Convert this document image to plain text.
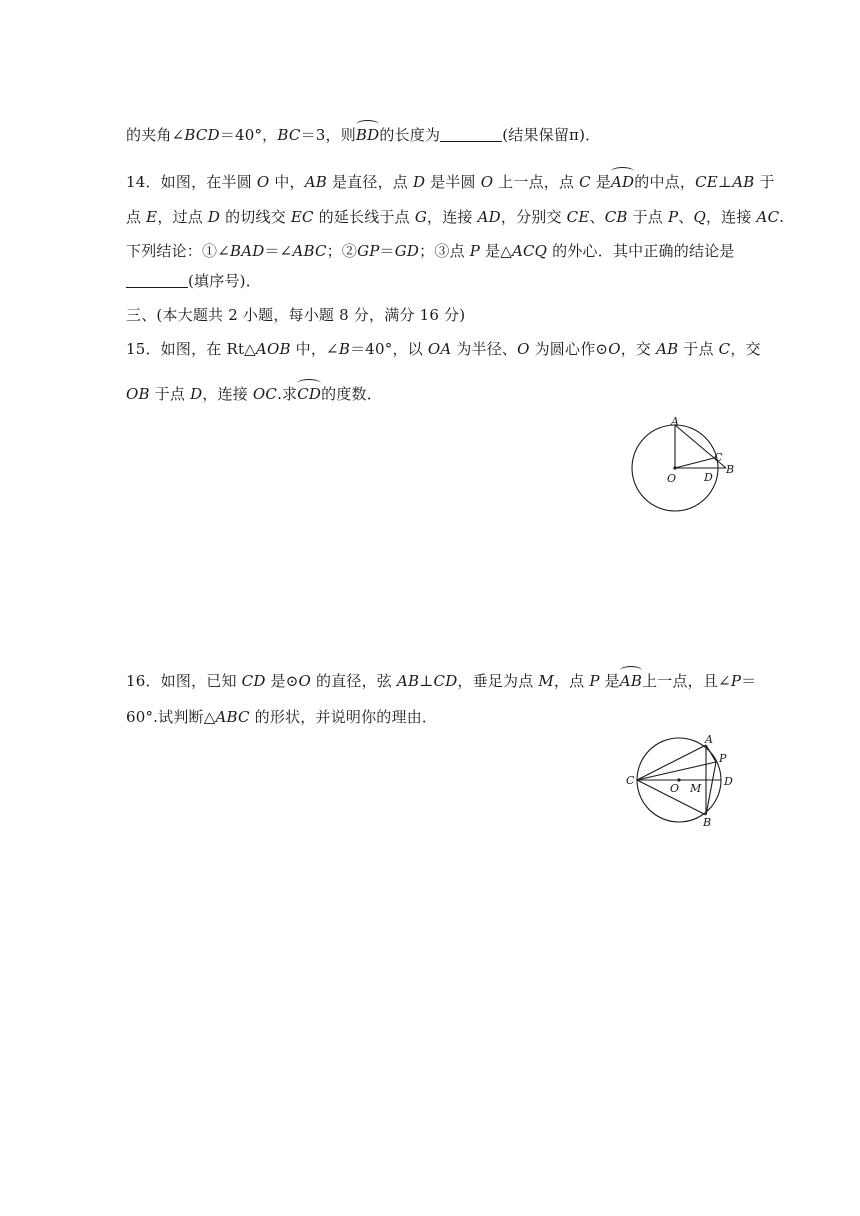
的夹角∠BCD＝40°，BC＝3，则BD的长度为	(结果保留π)．
14．如图，在半圆 O 中，AB 是直径，点 D 是半圆 O 上一点，点 C 是AD的中点，CE⊥AB 于
点 E，过点 D 的切线交 EC 的延长线于点 G，连接 AD，分别交 CE、CB 于点 P、Q，连接 AC.
下列结论：①∠BAD＝∠ABC；②GP＝GD；③点 P 是△ACQ 的外心．其中正确的结论是
(填序号)．
三、(本大题共 2 小题，每小题 8 分，满分 16 分)
15．如图，在 Rt△AOB 中，∠B＝40°，以 OA 为半径、O 为圆心作⊙O，交 AB 于点 C，交
OB 于点 D，连接 OC.求CD的度数．
A
C
B
O	D
16．如图，已知 CD 是⊙O 的直径，弦 AB⊥CD，垂足为点 M，点 P 是AB上一点，且∠P＝
60°.试判断△ABC 的形状，并说明你的理由．
A
P
C
O M
D
B
